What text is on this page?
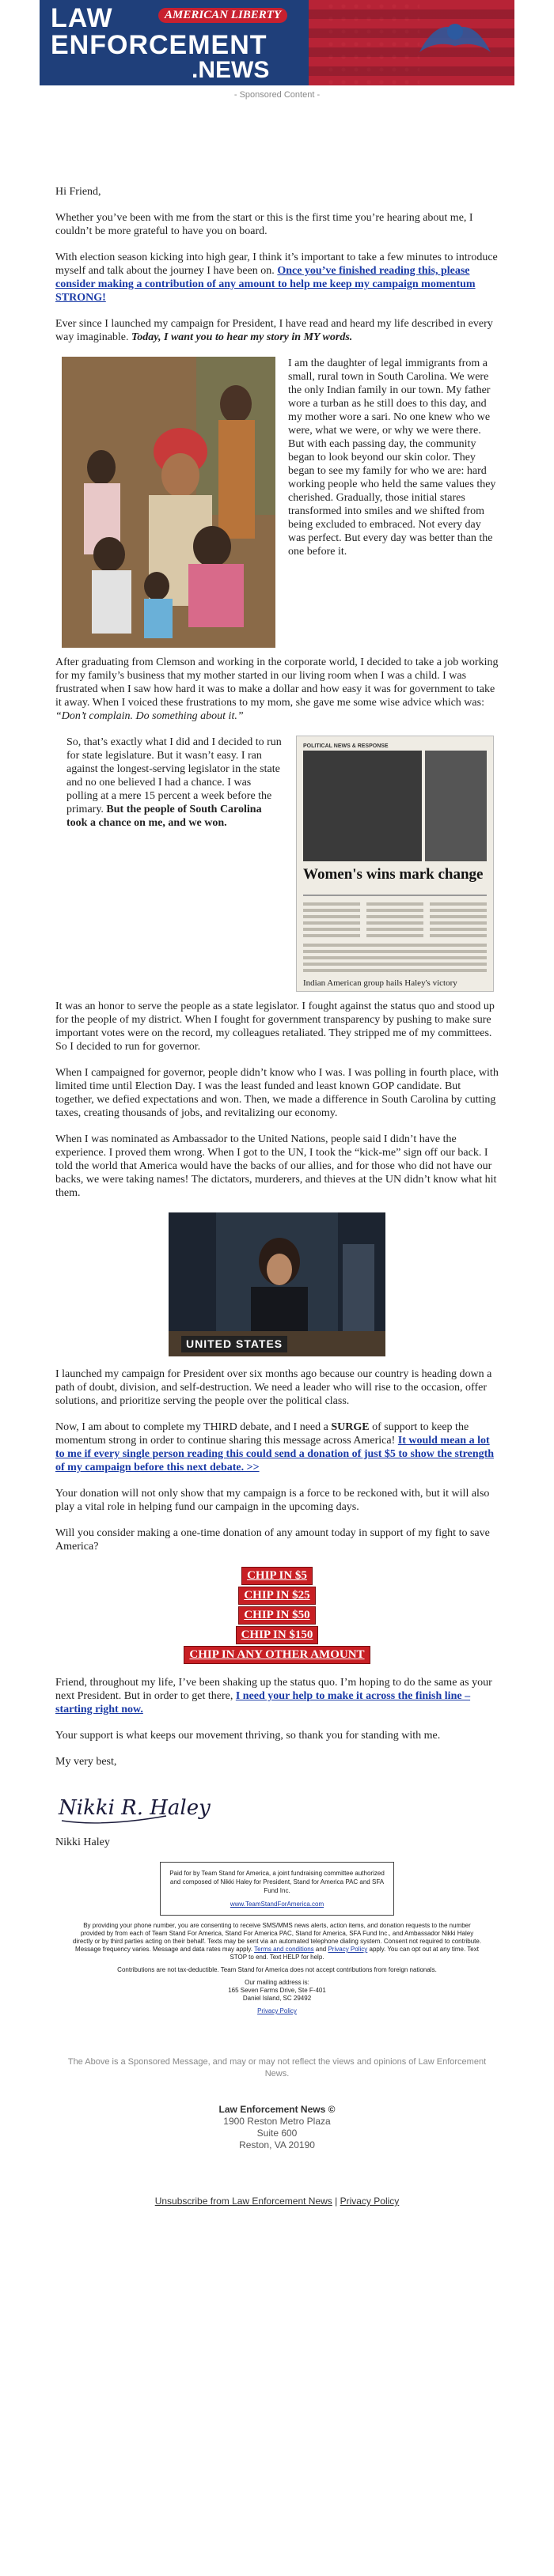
AMERICAN LIBERTY
LAW
ENFORCEMENT
.NEWS
- Sponsored Content -

Hi Friend,

Whether you’ve been with me from the start or this is the first time you’re hearing about me, I couldn’t be more grateful to have you on board.

With election season kicking into high gear, I think it’s important to take a few minutes to introduce myself and talk about the journey I have been on. Once you’ve finished reading this, please consider making a contribution of any amount to help me keep my campaign momentum STRONG!

Ever since I launched my campaign for President, I have read and heard my life described in every way imaginable. Today, I want you to hear my story in MY words.

I am the daughter of legal immigrants from a small, rural town in South Carolina. We were the only Indian family in our town. My father wore a turban as he still does to this day, and my mother wore a sari. No one knew who we were, what we were, or why we were there. But with each passing day, the community began to look beyond our skin color. They began to see my family for who we are: hard working people who held the same values they cherished. Gradually, those initial stares transformed into smiles and we shifted from being excluded to embraced. Not every day was perfect. But every day was better than the one before it.

After graduating from Clemson and working in the corporate world, I decided to take a job working for my family’s business that my mother started in our living room when I was a child. I was frustrated when I saw how hard it was to make a dollar and how easy it was for government to take it away. When I voiced these frustrations to my mom, she gave me some wise advice which was: “Don’t complain. Do something about it.”

POLITICAL NEWS & RESPONSE
Women's wins mark change
Indian American group hails Haley's victory

So, that’s exactly what I did and I decided to run for state legislature. But it wasn’t easy. I ran against the longest-serving legislator in the state and no one believed I had a chance. I was polling at a mere 15 percent a week before the primary. But the people of South Carolina took a chance on me, and we won.

It was an honor to serve the people as a state legislator. I fought against the status quo and stood up for the people of my district. When I fought for government transparency by pushing to make sure important votes were on the record, my colleagues retaliated. They stripped me of my committees. So I decided to run for governor.

When I campaigned for governor, people didn’t know who I was. I was polling in fourth place, with limited time until Election Day. I was the least funded and least known GOP candidate. But together, we defied expectations and won. Then, we made a difference in South Carolina by cutting taxes, creating thousands of jobs, and revitalizing our economy.

When I was nominated as Ambassador to the United Nations, people said I didn’t have the experience. I proved them wrong. When I got to the UN, I took the “kick-me” sign off our back. I told the world that America would have the backs of our allies, and for those who did not have our backs, we were taking names! The dictators, murderers, and thieves at the UN didn’t know what hit them.

UNITED STATES

I launched my campaign for President over six months ago because our country is heading down a path of doubt, division, and self-destruction. We need a leader who will rise to the occasion, offer solutions, and prioritize serving the people over the political class.

Now, I am about to complete my THIRD debate, and I need a SURGE of support to keep the momentum strong in order to continue sharing this message across America! It would mean a lot to me if every single person reading this could send a donation of just $5 to show the strength of my campaign before this next debate. >>

Your donation will not only show that my campaign is a force to be reckoned with, but it will also play a vital role in helping fund our campaign in the upcoming days.

Will you consider making a one-time donation of any amount today in support of my fight to save America?

CHIP IN $5
CHIP IN $25
CHIP IN $50
CHIP IN $150
CHIP IN ANY OTHER AMOUNT

Friend, throughout my life, I’ve been shaking up the status quo. I’m hoping to do the same as your next President. But in order to get there, I need your help to make it across the finish line – starting right now.

Your support is what keeps our movement thriving, so thank you for standing with me.

My very best,

Nikki R. Haley

Nikki Haley

Paid for by Team Stand for America, a joint fundraising committee authorized and composed of Nikki Haley for President, Stand for America PAC and SFA Fund Inc.
www.TeamStandForAmerica.com

By providing your phone number, you are consenting to receive SMS/MMS news alerts, action items, and donation requests to the number provided by from each of Team Stand For America, Stand For America PAC, Stand for America, SFA Fund Inc., and Ambassador Nikki Haley directly or by third parties acting on their behalf. Texts may be sent via an automated telephone dialing system. Consent not required to contribute. Message frequency varies. Message and data rates may apply. Terms and conditions and Privacy Policy apply. You can opt out at any time. Text STOP to end. Text HELP for help.

Contributions are not tax-deductible. Team Stand for America does not accept contributions from foreign nationals.

Our mailing address is:
165 Seven Farms Drive, Ste F-401
Daniel Island, SC 29492

Privacy Policy

The Above is a Sponsored Message, and may or may not reflect the views and opinions of Law Enforcement News.
Law Enforcement News ©
1900 Reston Metro Plaza
Suite 600
Reston, VA 20190
Unsubscribe from Law Enforcement News | Privacy Policy
